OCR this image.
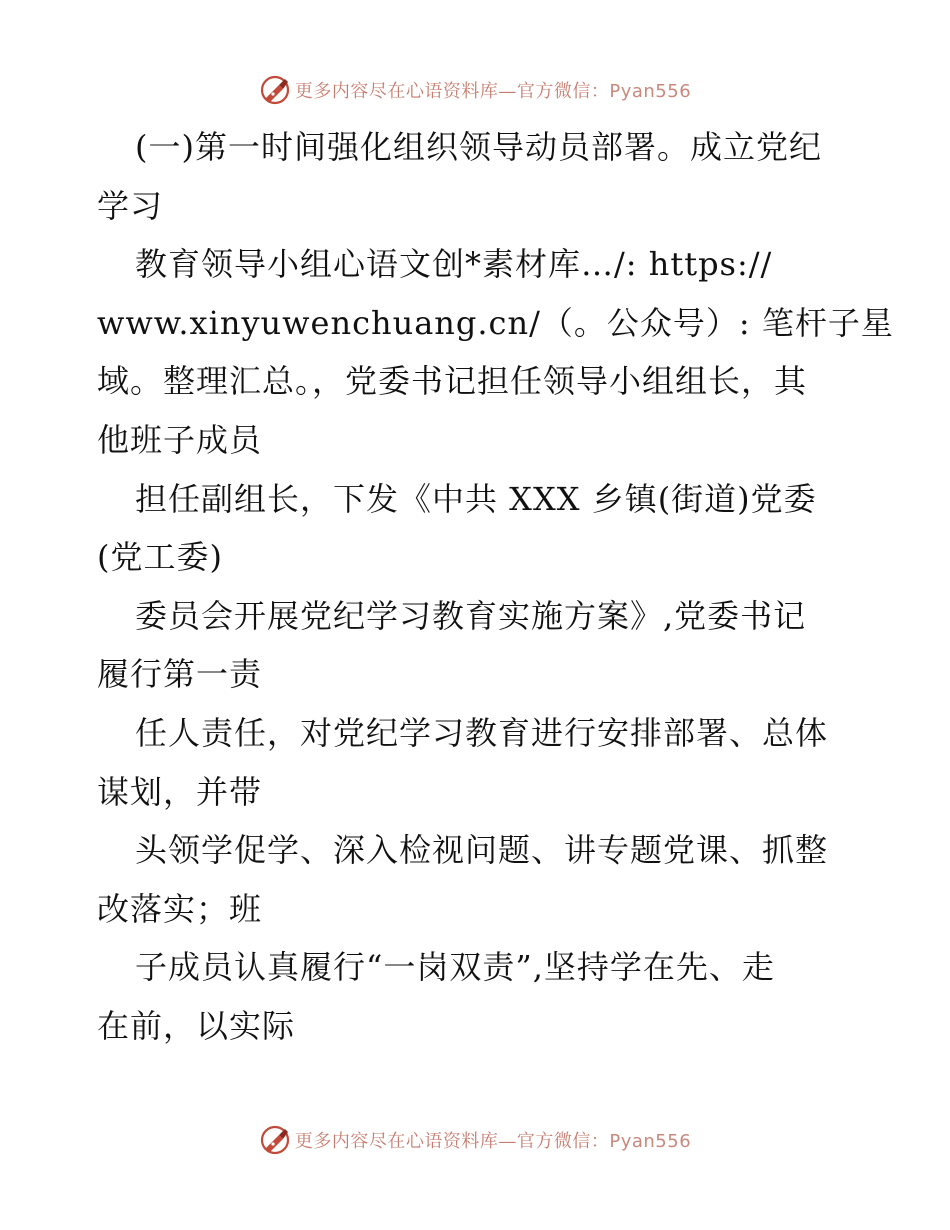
更多内容尽在心语资料库—官方微信：Pyan556
(一)第一时间强化组织领导动员部署。成立党纪
学习
教育领导小组心语文创*素材库…/: https://
www.xinyuwenchuang.cn/（。公众号）: 笔杆子星
域。整理汇总。，党委书记担任领导小组组长，其
他班子成员
担任副组长，下发《中共 XXX 乡镇(街道)党委
(党工委)
委员会开展党纪学习教育实施方案》,党委书记
履行第一责
任人责任，对党纪学习教育进行安排部署、总体
谋划，并带
头领学促学、深入检视问题、讲专题党课、抓整
改落实；班
子成员认真履行“一岗双责”,坚持学在先、走
在前，以实际
更多内容尽在心语资料库—官方微信：Pyan556
